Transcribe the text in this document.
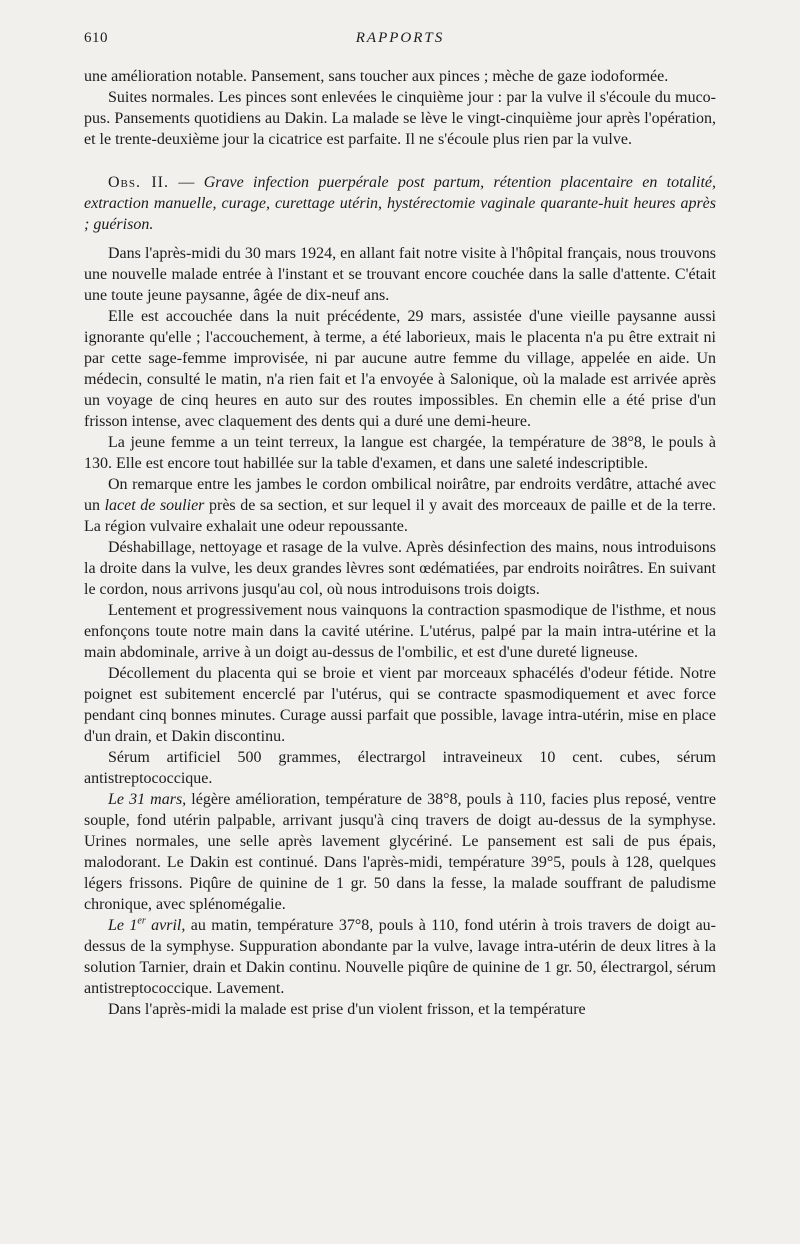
610	RAPPORTS

une amélioration notable. Pansement, sans toucher aux pinces ; mèche de gaze iodoformée.

Suites normales. Les pinces sont enlevées le cinquième jour : par la vulve il s'écoule du muco-pus. Pansements quotidiens au Dakin. La malade se lève le vingt-cinquième jour après l'opération, et le trente-deuxième jour la cicatrice est parfaite. Il ne s'écoule plus rien par la vulve.

Obs. II. — Grave infection puerpérale post partum, rétention placentaire en totalité, extraction manuelle, curage, curettage utérin, hystérectomie vaginale quarante-huit heures après ; guérison.

Dans l'après-midi du 30 mars 1924, en allant fait notre visite à l'hôpital français, nous trouvons une nouvelle malade entrée à l'instant et se trouvant encore couchée dans la salle d'attente. C'était une toute jeune paysanne, âgée de dix-neuf ans.

Elle est accouchée dans la nuit précédente, 29 mars, assistée d'une vieille paysanne aussi ignorante qu'elle ; l'accouchement, à terme, a été laborieux, mais le placenta n'a pu être extrait ni par cette sage-femme improvisée, ni par aucune autre femme du village, appelée en aide. Un médecin, consulté le matin, n'a rien fait et l'a envoyée à Salonique, où la malade est arrivée après un voyage de cinq heures en auto sur des routes impossibles. En chemin elle a été prise d'un frisson intense, avec claquement des dents qui a duré une demi-heure.

La jeune femme a un teint terreux, la langue est chargée, la température de 38°8, le pouls à 130. Elle est encore tout habillée sur la table d'examen, et dans une saleté indescriptible.

On remarque entre les jambes le cordon ombilical noirâtre, par endroits verdâtre, attaché avec un lacet de soulier près de sa section, et sur lequel il y avait des morceaux de paille et de la terre. La région vulvaire exhalait une odeur repoussante.

Déshabillage, nettoyage et rasage de la vulve. Après désinfection des mains, nous introduisons la droite dans la vulve, les deux grandes lèvres sont œdématiées, par endroits noirâtres. En suivant le cordon, nous arrivons jusqu'au col, où nous introduisons trois doigts.

Lentement et progressivement nous vainquons la contraction spasmodique de l'isthme, et nous enfonçons toute notre main dans la cavité utérine. L'utérus, palpé par la main intra-utérine et la main abdominale, arrive à un doigt au-dessus de l'ombilic, et est d'une dureté ligneuse.

Décollement du placenta qui se broie et vient par morceaux sphacélés d'odeur fétide. Notre poignet est subitement encerclé par l'utérus, qui se contracte spasmodiquement et avec force pendant cinq bonnes minutes. Curage aussi parfait que possible, lavage intra-utérin, mise en place d'un drain, et Dakin discontinu.

Sérum artificiel 500 grammes, électrargol intraveineux 10 cent. cubes, sérum antistreptococcique.

Le 31 mars, légère amélioration, température de 38°8, pouls à 110, facies plus reposé, ventre souple, fond utérin palpable, arrivant jusqu'à cinq travers de doigt au-dessus de la symphyse. Urines normales, une selle après lavement glycériné. Le pansement est sali de pus épais, malodorant. Le Dakin est continué. Dans l'après-midi, température 39°5, pouls à 128, quelques légers frissons. Piqûre de quinine de 1 gr. 50 dans la fesse, la malade souffrant de paludisme chronique, avec splénomégalie.

Le 1er avril, au matin, température 37°8, pouls à 110, fond utérin à trois travers de doigt au-dessus de la symphyse. Suppuration abondante par la vulve, lavage intra-utérin de deux litres à la solution Tarnier, drain et Dakin continu. Nouvelle piqûre de quinine de 1 gr. 50, électrargol, sérum antistreptococcique. Lavement.

Dans l'après-midi la malade est prise d'un violent frisson, et la température
